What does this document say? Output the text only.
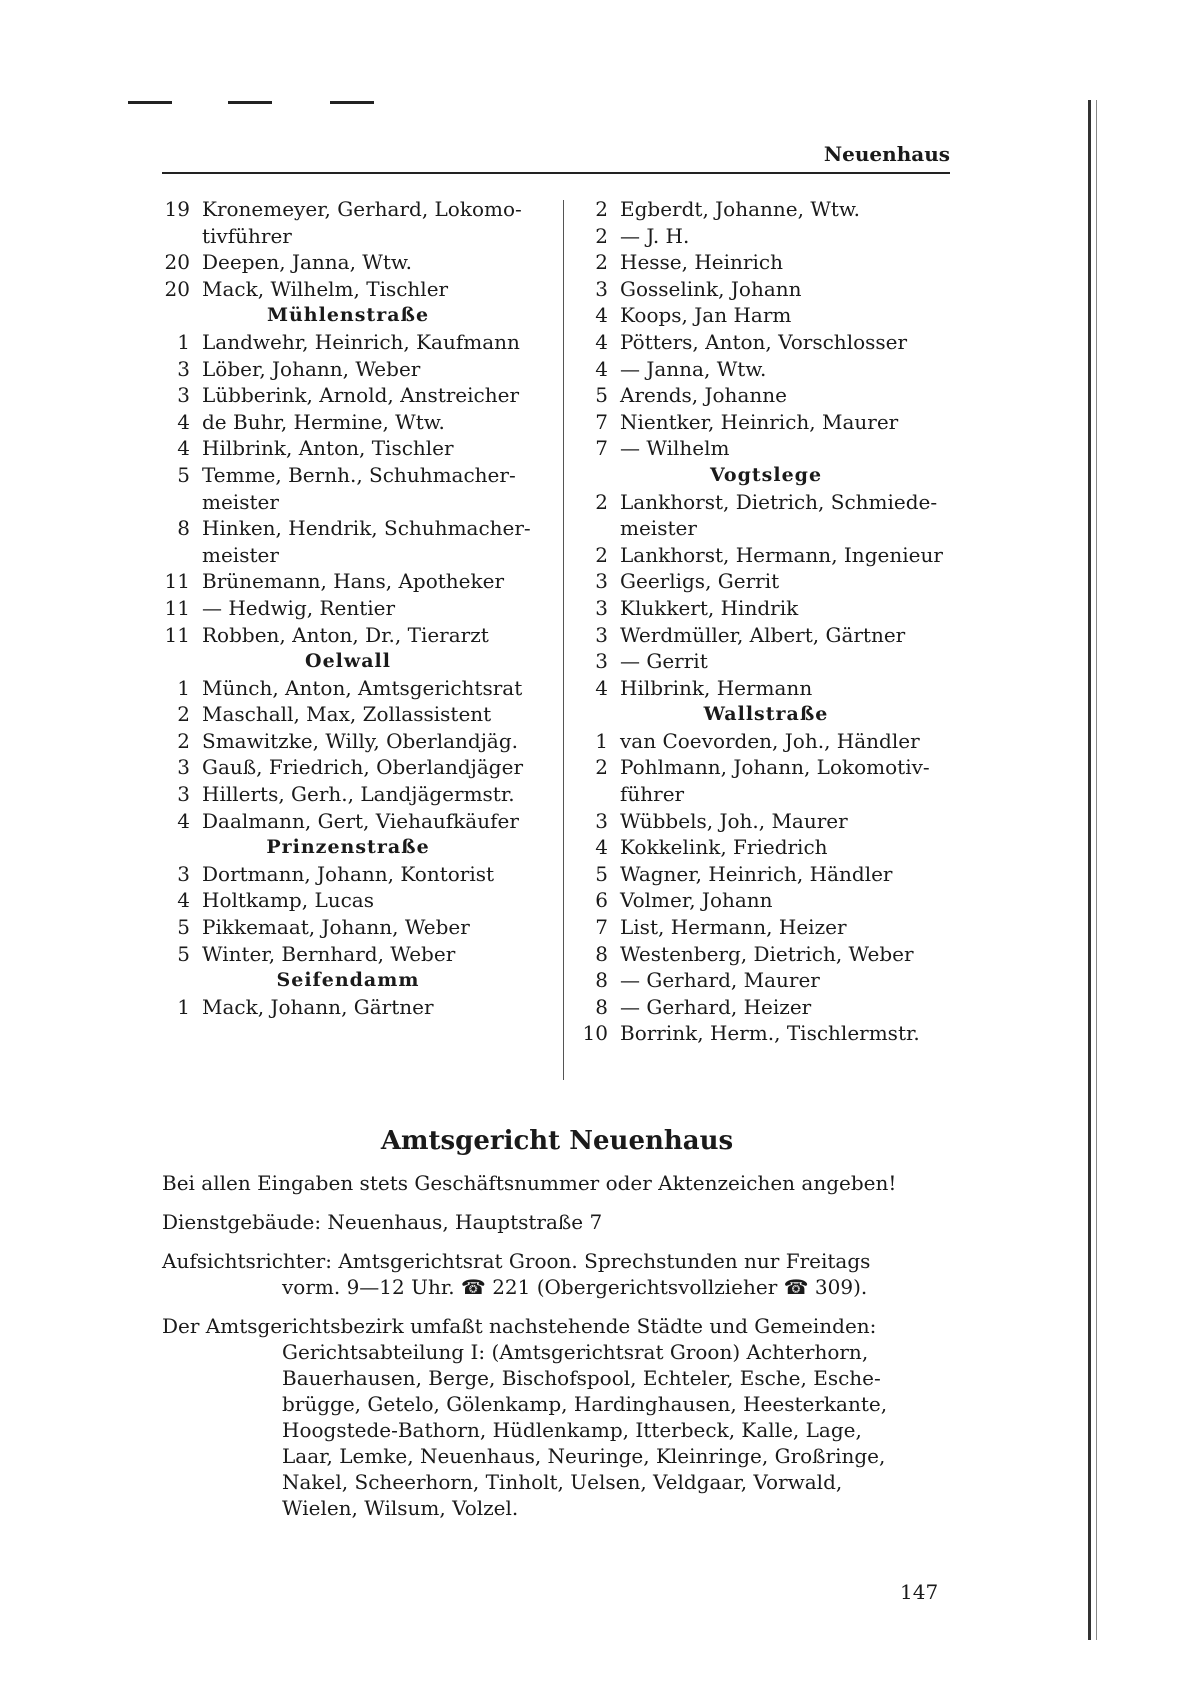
Neuenhaus
19 Kronemeyer, Gerhard, Lokomo-
tivführer
20 Deepen, Janna, Wtw.
20 Mack, Wilhelm, Tischler
Mühlenstraße
1 Landwehr, Heinrich, Kaufmann
3 Löber, Johann, Weber
3 Lübberink, Arnold, Anstreicher
4 de Buhr, Hermine, Wtw.
4 Hilbrink, Anton, Tischler
5 Temme, Bernh., Schuhmacher-
meister
8 Hinken, Hendrik, Schuhmacher-
meister
11 Brünemann, Hans, Apotheker
11 — Hedwig, Rentier
11 Robben, Anton, Dr., Tierarzt
Oelwall
1 Münch, Anton, Amtsgerichtsrat
2 Maschall, Max, Zollassistent
2 Smawitzke, Willy, Oberlandjäg.
3 Gauß, Friedrich, Oberlandjäger
3 Hillerts, Gerh., Landjägermstr.
4 Daalmann, Gert, Viehaufkäufer
Prinzenstraße
3 Dortmann, Johann, Kontorist
4 Holtkamp, Lucas
5 Pikkemaat, Johann, Weber
5 Winter, Bernhard, Weber
Seifendamm
1 Mack, Johann, Gärtner
2 Egberdt, Johanne, Wtw.
2 — J. H.
2 Hesse, Heinrich
3 Gosselink, Johann
4 Koops, Jan Harm
4 Pötters, Anton, Vorschlosser
4 — Janna, Wtw.
5 Arends, Johanne
7 Nientker, Heinrich, Maurer
7 — Wilhelm
Vogtslege
2 Lankhorst, Dietrich, Schmiede-
meister
2 Lankhorst, Hermann, Ingenieur
3 Geerligs, Gerrit
3 Klukkert, Hindrik
3 Werdmüller, Albert, Gärtner
3 — Gerrit
4 Hilbrink, Hermann
Wallstraße
1 van Coevorden, Joh., Händler
2 Pohlmann, Johann, Lokomotiv-
führer
3 Wübbels, Joh., Maurer
4 Kokkelink, Friedrich
5 Wagner, Heinrich, Händler
6 Volmer, Johann
7 List, Hermann, Heizer
8 Westenberg, Dietrich, Weber
8 — Gerhard, Maurer
8 — Gerhard, Heizer
10 Borrink, Herm., Tischlermstr.
Amtsgericht Neuenhaus
Bei allen Eingaben stets Geschäftsnummer oder Aktenzeichen angeben!
Dienstgebäude: Neuenhaus, Hauptstraße 7
Aufsichtsrichter: Amtsgerichtsrat Groon. Sprechstunden nur Freitags
vorm. 9—12 Uhr. ☎ 221 (Obergerichtsvollzieher ☎ 309).
Der Amtsgerichtsbezirk umfaßt nachstehende Städte und Gemeinden:
Gerichtsabteilung I: (Amtsgerichtsrat Groon) Achterhorn,
Bauerhausen, Berge, Bischofspool, Echteler, Esche, Esche-
brügge, Getelo, Gölenkamp, Hardinghausen, Heesterkante,
Hoogstede-Bathorn, Hüdlenkamp, Itterbeck, Kalle, Lage,
Laar, Lemke, Neuenhaus, Neuringe, Kleinringe, Großringe,
Nakel, Scheerhorn, Tinholt, Uelsen, Veldgaar, Vorwald,
Wielen, Wilsum, Volzel.
147
